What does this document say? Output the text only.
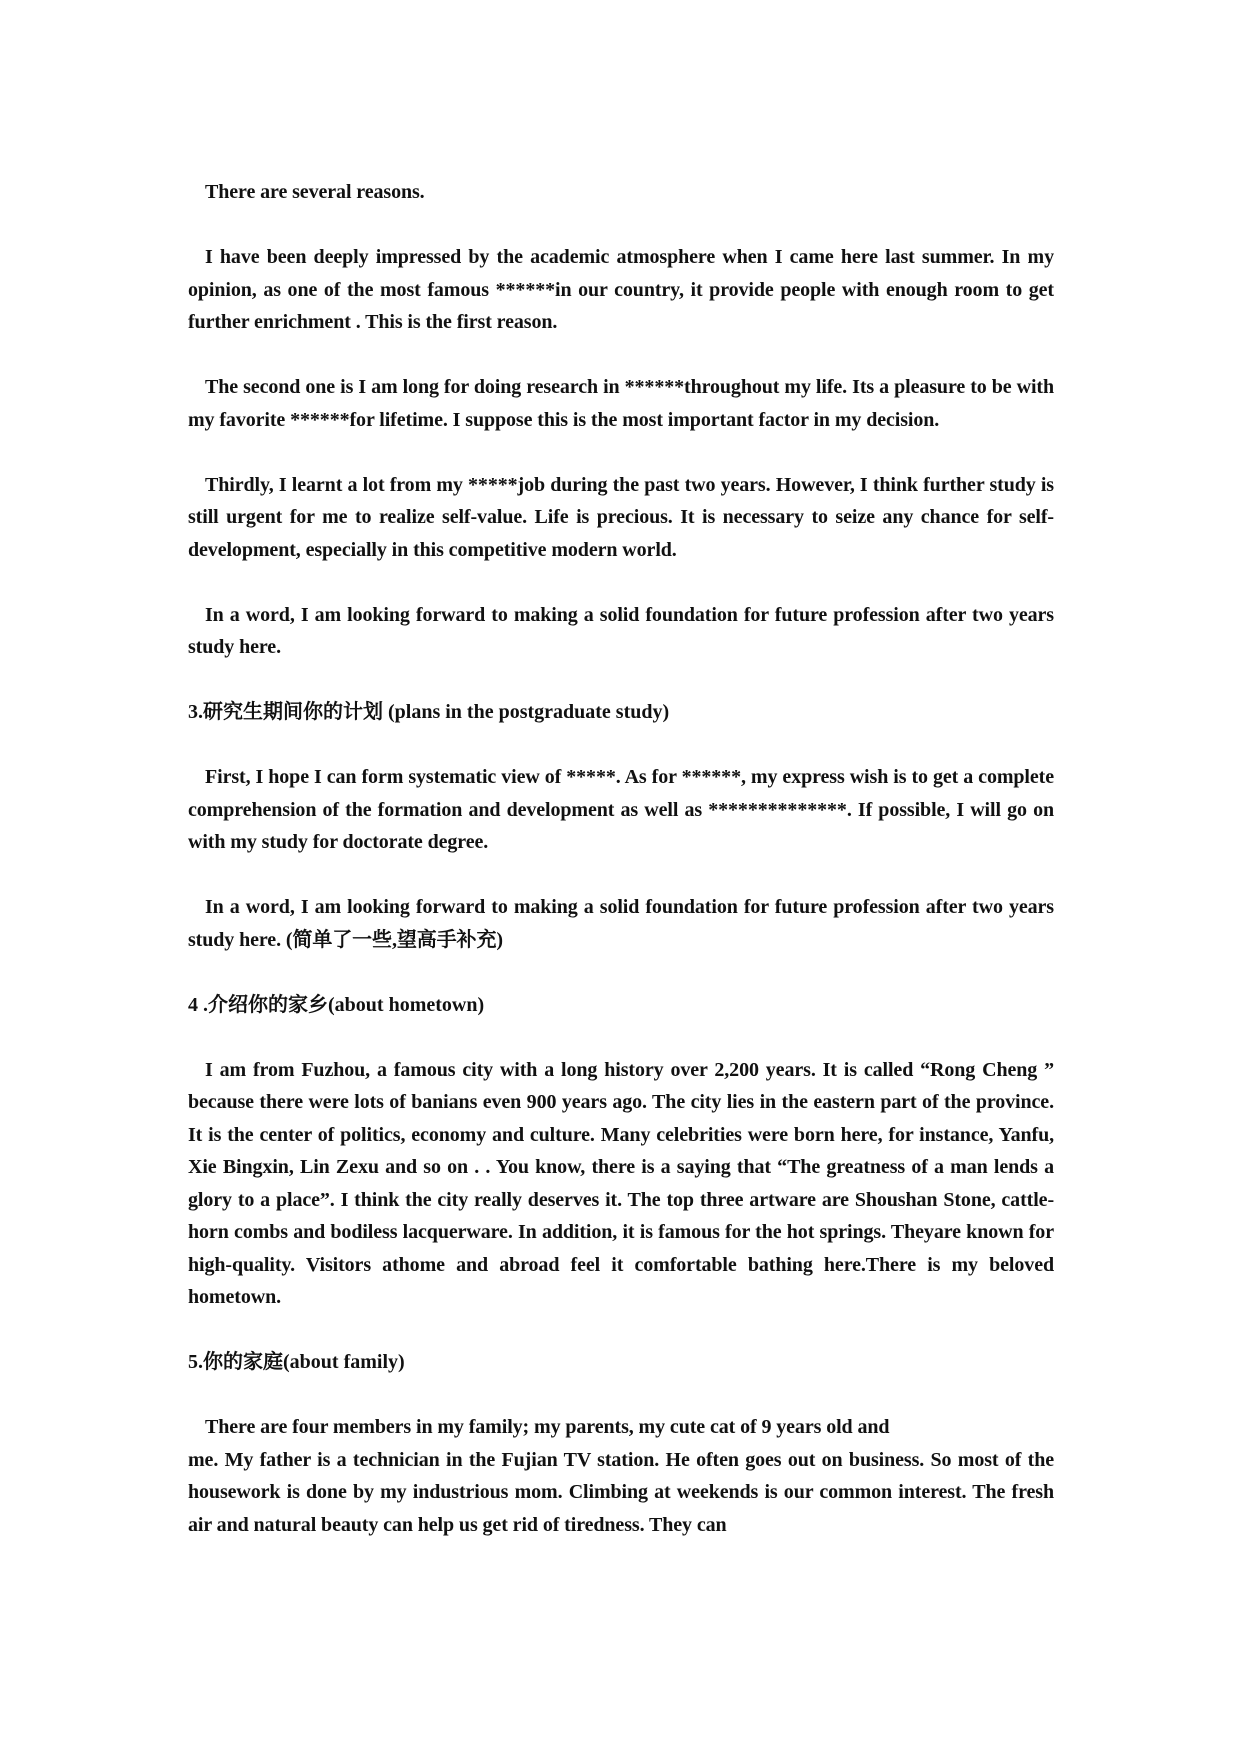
There are several reasons.

I have been deeply impressed by the academic atmosphere when I came here last summer. In my opinion, as one of the most famous ******in our country, it provide people with enough room to get further enrichment . This is the first reason.

The second one is I am long for doing research in ******throughout my life. Its a pleasure to be with my favorite ******for lifetime. I suppose this is the most important factor in my decision.

Thirdly, I learnt a lot from my *****job during the past two years. However, I think further study is still urgent for me to realize self-value. Life is precious. It is necessary to seize any chance for self-development, especially in this competitive modern world.

In a word, I am looking forward to making a solid foundation for future profession after two years study here.

3.研究生期间你的计划 (plans in the postgraduate study)

First, I hope I can form systematic view of *****. As for ******, my express wish is to get a complete comprehension of the formation and development as well as **************. If possible, I will go on with my study for doctorate degree.

In a word, I am looking forward to making a solid foundation for future profession after two years study here. (简单了一些,望高手补充)

4 .介绍你的家乡(about hometown)

I am from Fuzhou, a famous city with a long history over 2,200 years. It is called “Rong Cheng ” because there were lots of banians even 900 years ago. The city lies in the eastern part of the province. It is the center of politics, economy and culture. Many celebrities were born here, for instance, Yanfu, Xie Bingxin, Lin Zexu and so on . . You know, there is a saying that “The greatness of a man lends a glory to a place”. I think the city really deserves it. The top three artware are Shoushan Stone, cattle-horn combs and bodiless lacquerware. In addition, it is famous for the hot springs. Theyare known for high-quality. Visitors athome and abroad feel it comfortable bathing here.There is my beloved hometown.

5.你的家庭(about family)

There are four members in my family; my parents, my cute cat of 9 years old and
me. My father is a technician in the Fujian TV station. He often goes out on business. So most of the housework is done by my industrious mom. Climbing at weekends is our common interest. The fresh air and natural beauty can help us get rid of tiredness. They can
